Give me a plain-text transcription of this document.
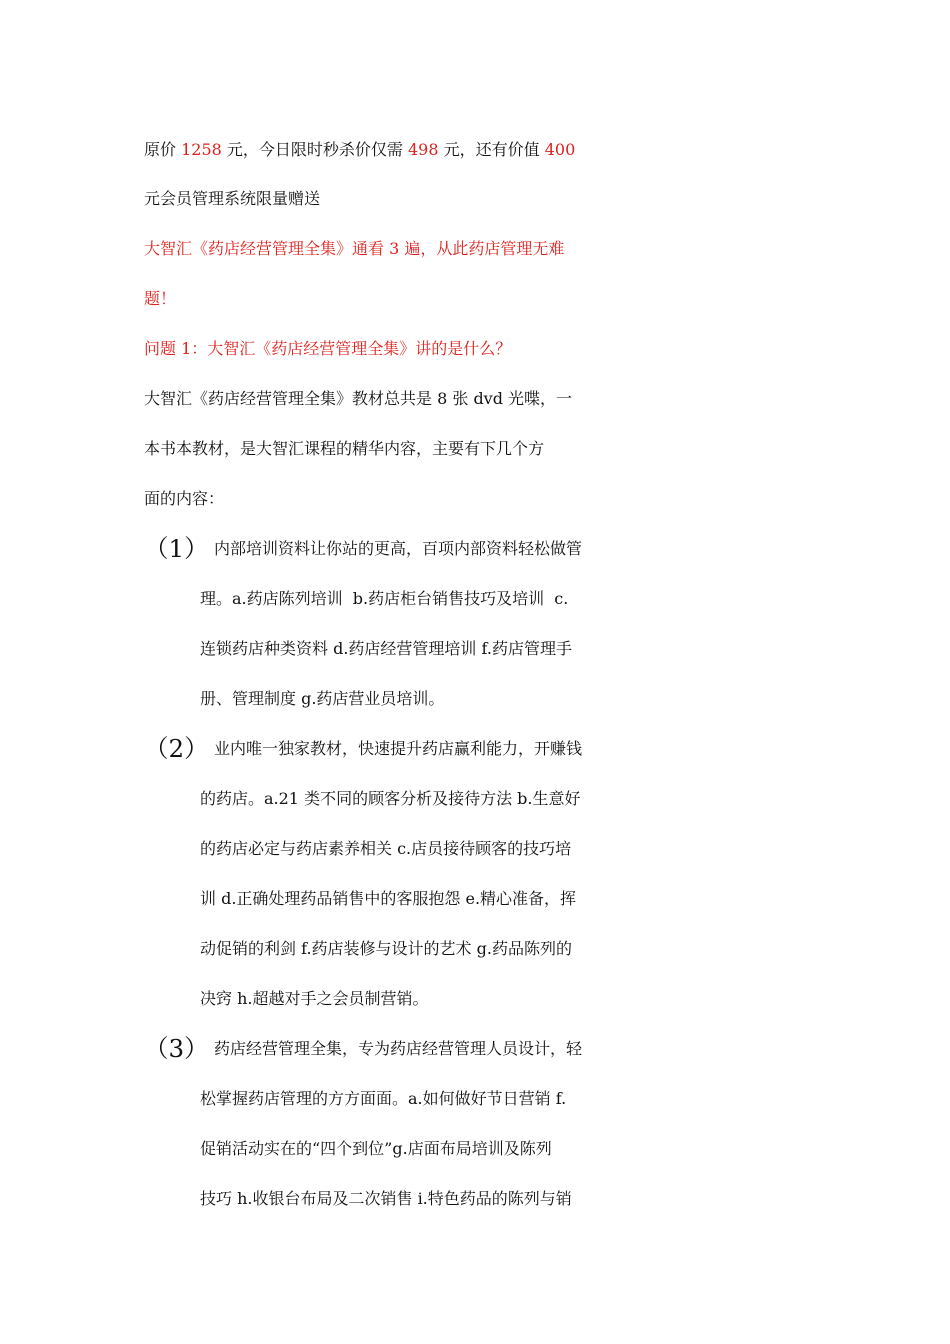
原价 1258 元，今日限时秒杀价仅需 498 元，还有价值 400
元会员管理系统限量赠送
大智汇《药店经营管理全集》通看 3 遍，从此药店管理无难
题！
问题 1：大智汇《药店经营管理全集》讲的是什么？
大智汇《药店经营管理全集》教材总共是 8 张 dvd 光喋，一
本书本教材，是大智汇课程的精华内容，主要有下几个方
面的内容：
（1） 内部培训资料让你站的更高，百项内部资料轻松做管
理。a.药店陈列培训  b.药店柜台销售技巧及培训  c.
连锁药店种类资料 d.药店经营管理培训 f.药店管理手
册、管理制度 g.药店营业员培训。
（2） 业内唯一独家教材，快速提升药店赢利能力，开赚钱
的药店。a.21 类不同的顾客分析及接待方法 b.生意好
的药店必定与药店素养相关 c.店员接待顾客的技巧培
训 d.正确处理药品销售中的客服抱怨 e.精心准备，挥
动促销的利剑 f.药店装修与设计的艺术 g.药品陈列的
决窍 h.超越对手之会员制营销。
（3） 药店经营管理全集，专为药店经营管理人员设计，轻
松掌握药店管理的方方面面。a.如何做好节日营销 f.
促销活动实在的“四个到位”g.店面布局培训及陈列
技巧 h.收银台布局及二次销售 i.特色药品的陈列与销
